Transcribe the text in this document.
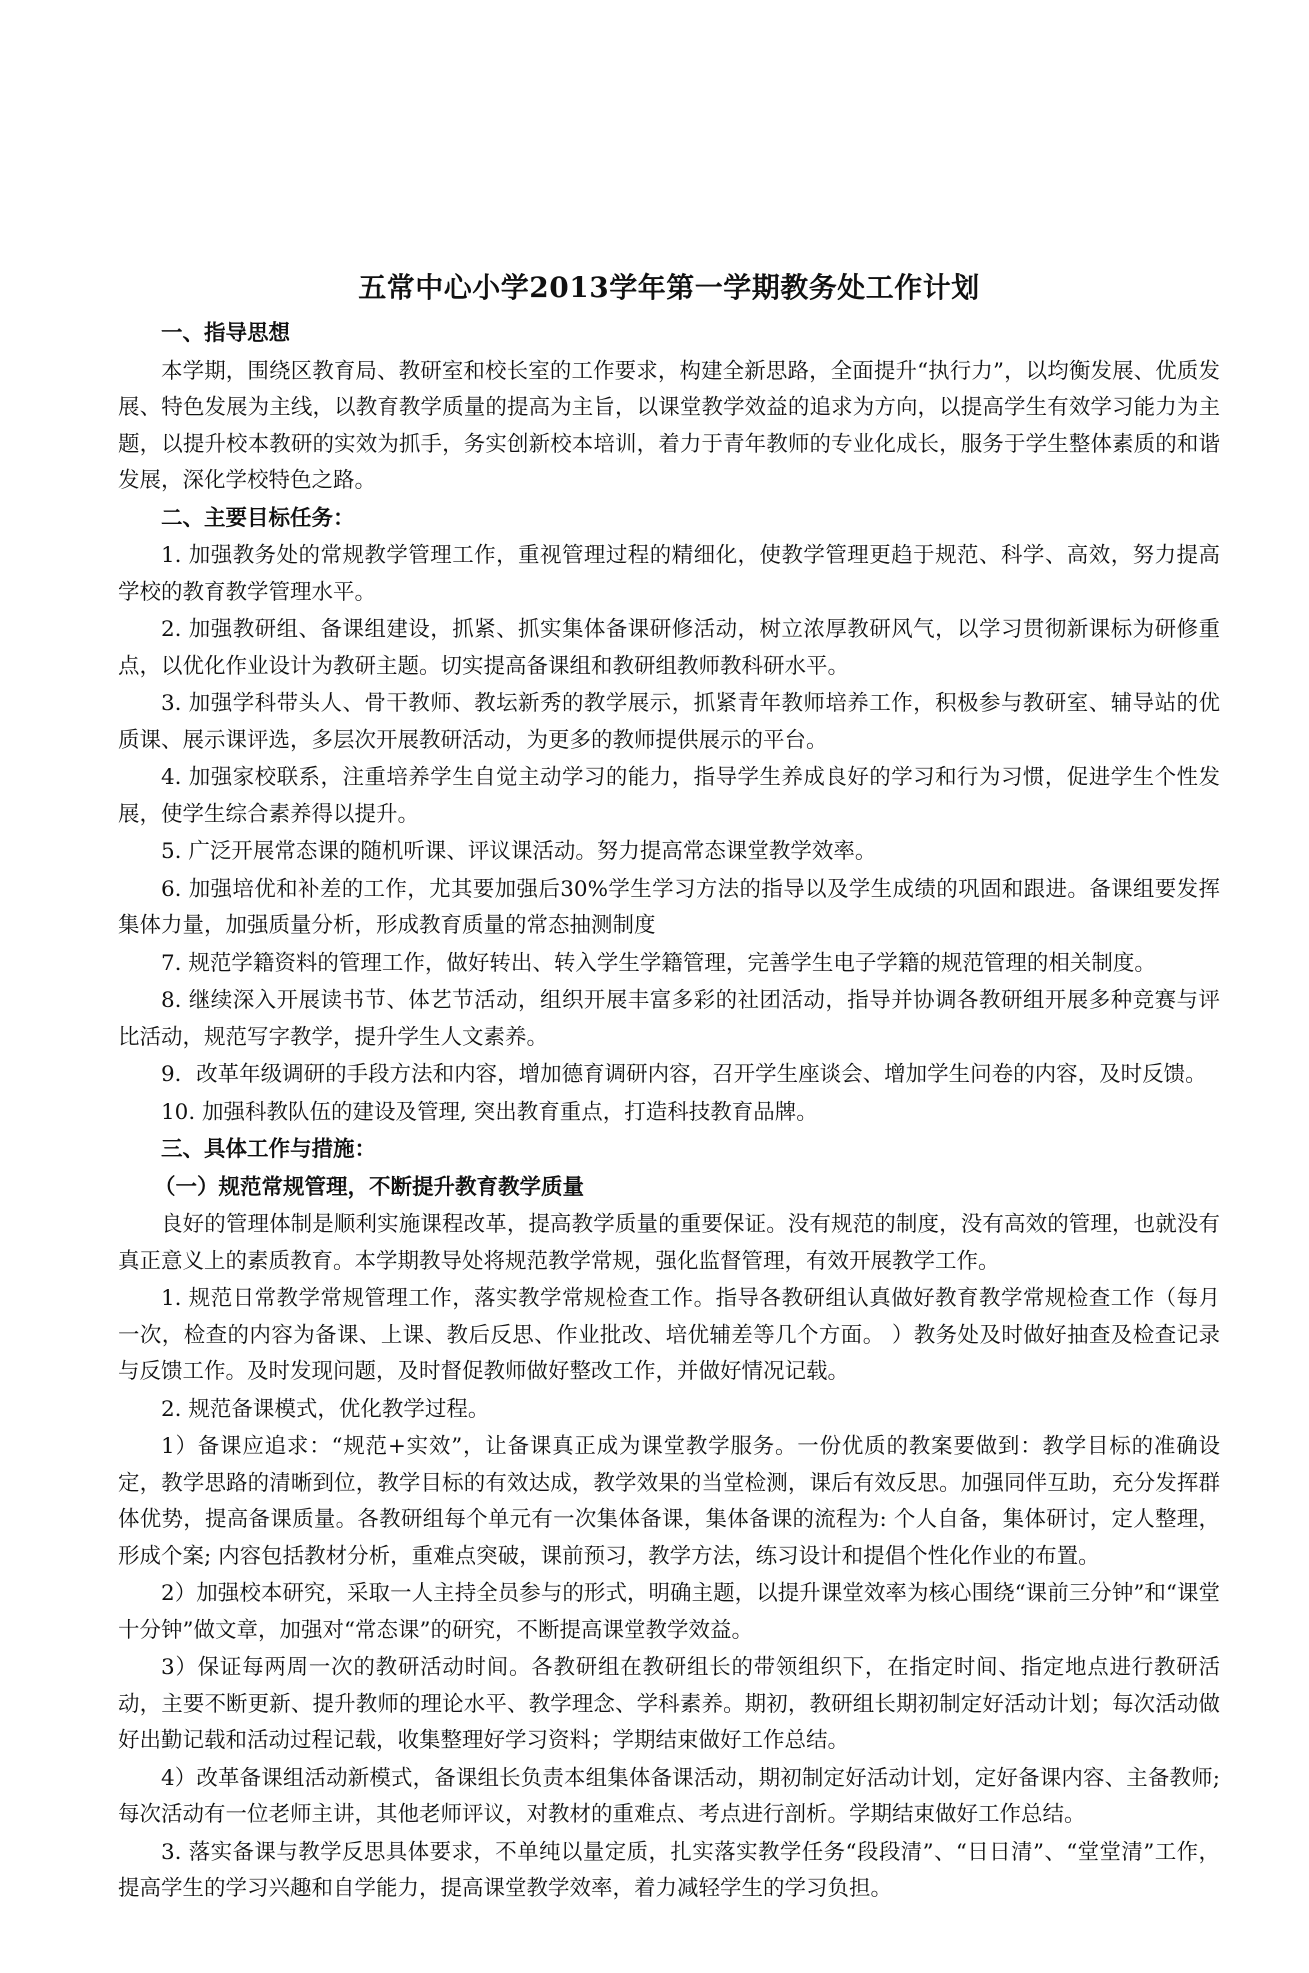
五常中心小学2013学年第一学期教务处工作计划
一、指导思想
本学期，围绕区教育局、教研室和校长室的工作要求，构建全新思路，全面提升“执行力”，以均衡发展、优质发展、特色发展为主线，以教育教学质量的提高为主旨，以课堂教学效益的追求为方向，以提高学生有效学习能力为主题，以提升校本教研的实效为抓手，务实创新校本培训，着力于青年教师的专业化成长，服务于学生整体素质的和谐发展，深化学校特色之路。
二、主要目标任务：
1. 加强教务处的常规教学管理工作，重视管理过程的精细化，使教学管理更趋于规范、科学、高效，努力提高学校的教育教学管理水平。
2. 加强教研组、备课组建设，抓紧、抓实集体备课研修活动，树立浓厚教研风气，以学习贯彻新课标为研修重点，以优化作业设计为教研主题。切实提高备课组和教研组教师教科研水平。
3. 加强学科带头人、骨干教师、教坛新秀的教学展示，抓紧青年教师培养工作，积极参与教研室、辅导站的优质课、展示课评选，多层次开展教研活动，为更多的教师提供展示的平台。
4. 加强家校联系，注重培养学生自觉主动学习的能力，指导学生养成良好的学习和行为习惯，促进学生个性发展，使学生综合素养得以提升。
5. 广泛开展常态课的随机听课、评议课活动。努力提高常态课堂教学效率。
6. 加强培优和补差的工作，尤其要加强后30%学生学习方法的指导以及学生成绩的巩固和跟进。备课组要发挥集体力量，加强质量分析，形成教育质量的常态抽测制度
7. 规范学籍资料的管理工作，做好转出、转入学生学籍管理，完善学生电子学籍的规范管理的相关制度。
8. 继续深入开展读书节、体艺节活动，组织开展丰富多彩的社团活动，指导并协调各教研组开展多种竞赛与评比活动，规范写字教学，提升学生人文素养。
9．改革年级调研的手段方法和内容，增加德育调研内容，召开学生座谈会、增加学生问卷的内容，及时反馈。
10. 加强科教队伍的建设及管理, 突出教育重点，打造科技教育品牌。
三、具体工作与措施：
（一）规范常规管理，不断提升教育教学质量
良好的管理体制是顺利实施课程改革，提高教学质量的重要保证。没有规范的制度，没有高效的管理，也就没有真正意义上的素质教育。本学期教导处将规范教学常规，强化监督管理，有效开展教学工作。
1. 规范日常教学常规管理工作，落实教学常规检查工作。指导各教研组认真做好教育教学常规检查工作（每月一次，检查的内容为备课、上课、教后反思、作业批改、培优辅差等几个方面。 ）教务处及时做好抽查及检查记录与反馈工作。及时发现问题，及时督促教师做好整改工作，并做好情况记载。
2. 规范备课模式，优化教学过程。
1）备课应追求：“规范+实效”，让备课真正成为课堂教学服务。一份优质的教案要做到：教学目标的准确设定，教学思路的清晰到位，教学目标的有效达成，教学效果的当堂检测，课后有效反思。加强同伴互助，充分发挥群体优势，提高备课质量。各教研组每个单元有一次集体备课，集体备课的流程为: 个人自备，集体研讨，定人整理，形成个案; 内容包括教材分析，重难点突破，课前预习，教学方法，练习设计和提倡个性化作业的布置。
2）加强校本研究，采取一人主持全员参与的形式，明确主题，以提升课堂效率为核心围绕“课前三分钟”和“课堂十分钟”做文章，加强对“常态课”的研究，不断提高课堂教学效益。
3）保证每两周一次的教研活动时间。各教研组在教研组长的带领组织下，在指定时间、指定地点进行教研活动，主要不断更新、提升教师的理论水平、教学理念、学科素养。期初，教研组长期初制定好活动计划；每次活动做好出勤记载和活动过程记载，收集整理好学习资料；学期结束做好工作总结。
4）改革备课组活动新模式，备课组长负责本组集体备课活动，期初制定好活动计划，定好备课内容、主备教师; 每次活动有一位老师主讲，其他老师评议，对教材的重难点、考点进行剖析。学期结束做好工作总结。
3. 落实备课与教学反思具体要求，不单纯以量定质，扎实落实教学任务“段段清”、“日日清”、“堂堂清”工作，提高学生的学习兴趣和自学能力，提高课堂教学效率，着力减轻学生的学习负担。
